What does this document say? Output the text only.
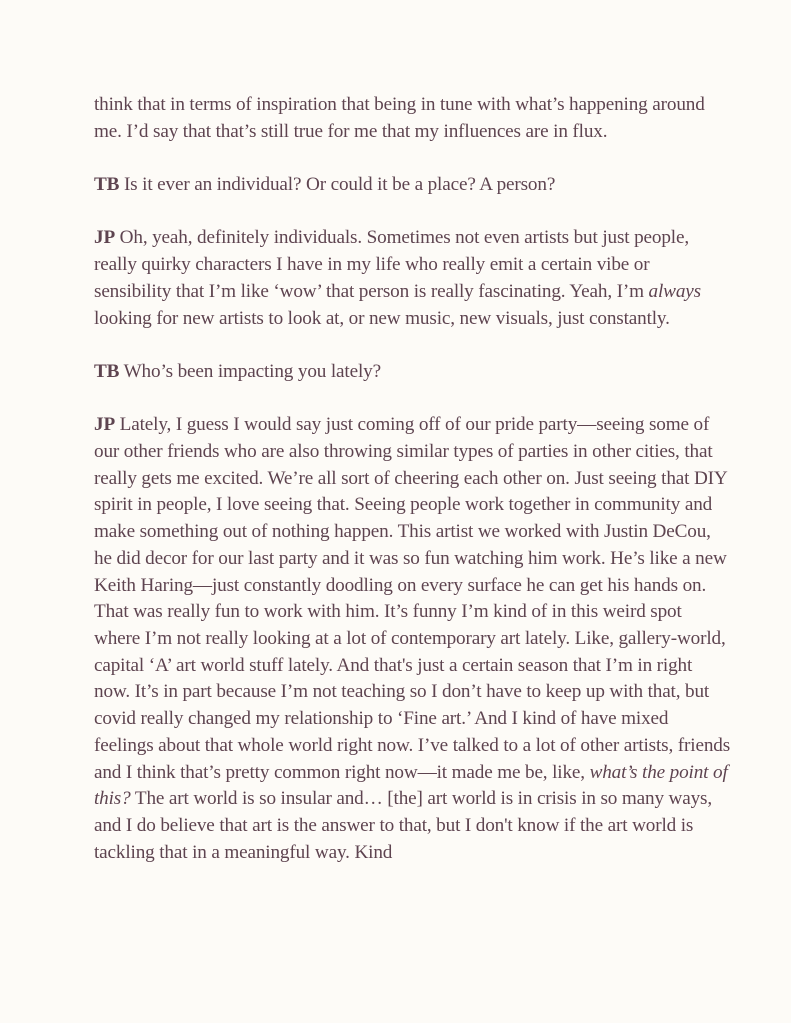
think that in terms of inspiration that being in tune with what’s happening around me. I’d say that that’s still true for me that my influences are in flux.

TB Is it ever an individual? Or could it be a place? A person?

JP Oh, yeah, definitely individuals. Sometimes not even artists but just people, really quirky characters I have in my life who really emit a certain vibe or sensibility that I’m like ‘wow’ that person is really fascinating. Yeah, I’m always looking for new artists to look at, or new music, new visuals, just constantly.

TB Who’s been impacting you lately?

JP Lately, I guess I would say just coming off of our pride party—seeing some of our other friends who are also throwing similar types of parties in other cities, that really gets me excited. We’re all sort of cheering each other on. Just seeing that DIY spirit in people, I love seeing that. Seeing people work together in community and make something out of nothing happen. This artist we worked with Justin DeCou, he did decor for our last party and it was so fun watching him work. He’s like a new Keith Haring—just constantly doodling on every surface he can get his hands on. That was really fun to work with him. It’s funny I’m kind of in this weird spot where I’m not really looking at a lot of contemporary art lately. Like, gallery-world, capital ‘A’ art world stuff lately. And that's just a certain season that I’m in right now. It’s in part because I’m not teaching so I don’t have to keep up with that, but covid really changed my relationship to ‘Fine art.’ And I kind of have mixed feelings about that whole world right now. I’ve talked to a lot of other artists, friends and I think that’s pretty common right now—it made me be, like, what’s the point of this? The art world is so insular and… [the] art world is in crisis in so many ways, and I do believe that art is the answer to that, but I don't know if the art world is tackling that in a meaningful way. Kind
